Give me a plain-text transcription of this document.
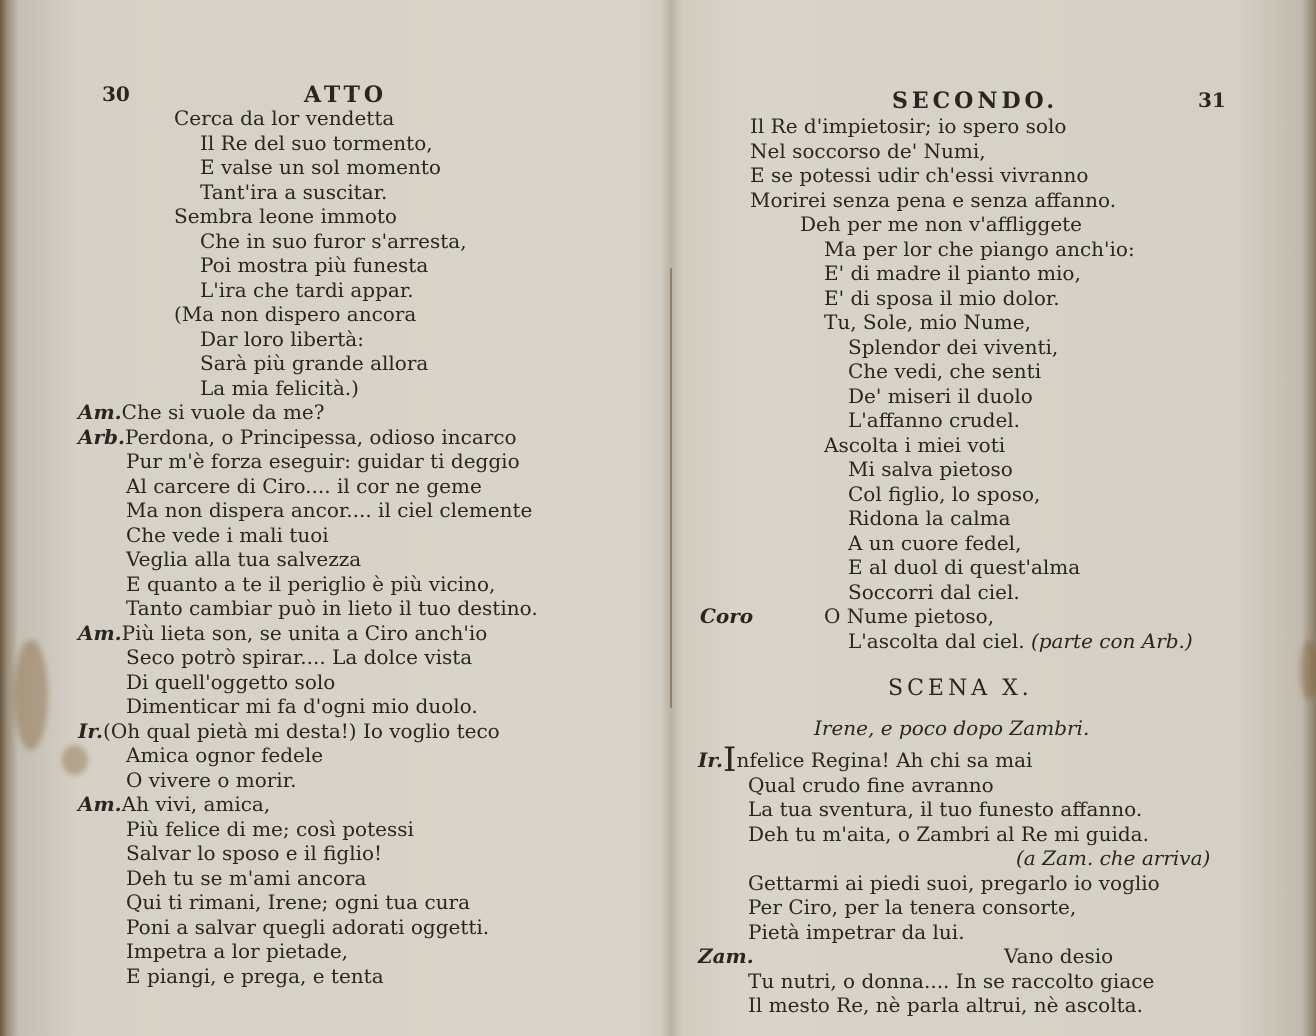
30	ATTO
Cerca da lor vendetta
Il Re del suo tormento,
E valse un sol momento
Tant'ira a suscitar.
Sembra leone immoto
Che in suo furor s'arresta,
Poi mostra più funesta
L'ira che tardi appar.
(Ma non dispero ancora
Dar loro libertà:
Sarà più grande allora
La mia felicità.)
Am.Che si vuole da me?
Arb.Perdona, o Principessa, odioso incarco
Pur m'è forza eseguir: guidar ti deggio
Al carcere di Ciro.... il cor ne geme
Ma non dispera ancor.... il ciel clemente
Che vede i mali tuoi
Veglia alla tua salvezza
E quanto a te il periglio è più vicino,
Tanto cambiar può in lieto il tuo destino.
Am.Più lieta son, se unita a Ciro anch'io
Seco potrò spirar.... La dolce vista
Di quell'oggetto solo
Dimenticar mi fa d'ogni mio duolo.
Ir.(Oh qual pietà mi desta!) Io voglio teco
Amica ognor fedele
O vivere o morir.
Am.Ah vivi, amica,
Più felice di me; così potessi
Salvar lo sposo e il figlio!
Deh tu se m'ami ancora
Qui ti rimani, Irene; ogni tua cura
Poni a salvar quegli adorati oggetti.
Impetra a lor pietade,
E piangi, e prega, e tenta
SECONDO.	31
Il Re d'impietosir; io spero solo
Nel soccorso de' Numi,
E se potessi udir ch'essi vivranno
Morirei senza pena e senza affanno.
Deh per me non v'affliggete
Ma per lor che piango anch'io:
E' di madre il pianto mio,
E' di sposa il mio dolor.
Tu, Sole, mio Nume,
Splendor dei viventi,
Che vedi, che senti
De' miseri il duolo
L'affanno crudel.
Ascolta i miei voti
Mi salva pietoso
Col figlio, lo sposo,
Ridona la calma
A un cuore fedel,
E al duol di quest'alma
Soccorri dal ciel.
Coro	O Nume pietoso,
L'ascolta dal ciel. (parte con Arb.)
SCENA X.
Irene, e poco dopo Zambri.
Ir.Infelice Regina! Ah chi sa mai
Qual crudo fine avranno
La tua sventura, il tuo funesto affanno.
Deh tu m'aita, o Zambri al Re mi guida.
(a Zam. che arriva)
Gettarmi ai piedi suoi, pregarlo io voglio
Per Ciro, per la tenera consorte,
Pietà impetrar da lui.
Zam.	Vano desio
Tu nutri, o donna.... In se raccolto giace
Il mesto Re, nè parla altrui, nè ascolta.
